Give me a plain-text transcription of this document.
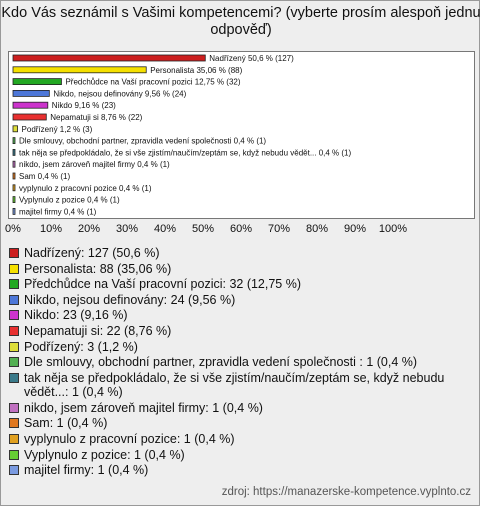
Kdo Vás seznámil s Vašimi kompetencemi? (vyberte prosím alespoň jednu odpověď)
Nadřízený 50,6 % (127)
Personalista 35,06 % (88)
Předchůdce na Vaší pracovní pozici 12,75 % (32)
Nikdo, nejsou definovány 9,56 % (24)
Nikdo 9,16 % (23)
Nepamatuji si 8,76 % (22)
Podřízený 1,2 % (3)
Dle smlouvy, obchodní partner, zpravidla vedení společnosti 0,4 % (1)
tak něja se předpokládalo, že si vše zjistím/naučím/zeptám se, když nebudu vědět... 0,4 % (1)
nikdo, jsem zároveň majitel firmy 0,4 % (1)
Sam 0,4 % (1)
vyplynulo z pracovní pozice 0,4 % (1)
Vyplynulo z pozice 0,4 % (1)
majitel firmy 0,4 % (1)
0% 10% 20% 30% 40% 50% 60% 70% 80% 90% 100%
Nadřízený: 127 (50,6 %)
Personalista: 88 (35,06 %)
Předchůdce na Vaší pracovní pozici: 32 (12,75 %)
Nikdo, nejsou definovány: 24 (9,56 %)
Nikdo: 23 (9,16 %)
Nepamatuji si: 22 (8,76 %)
Podřízený: 3 (1,2 %)
Dle smlouvy, obchodní partner, zpravidla vedení společnosti : 1 (0,4 %)
tak něja se předpokládalo, že si vše zjistím/naučím/zeptám se, když nebudu vědět...: 1 (0,4 %)
nikdo, jsem zároveň majitel firmy: 1 (0,4 %)
Sam: 1 (0,4 %)
vyplynulo z pracovní pozice: 1 (0,4 %)
Vyplynulo z pozice: 1 (0,4 %)
majitel firmy: 1 (0,4 %)
zdroj: https://manazerske-kompetence.vyplnto.cz
